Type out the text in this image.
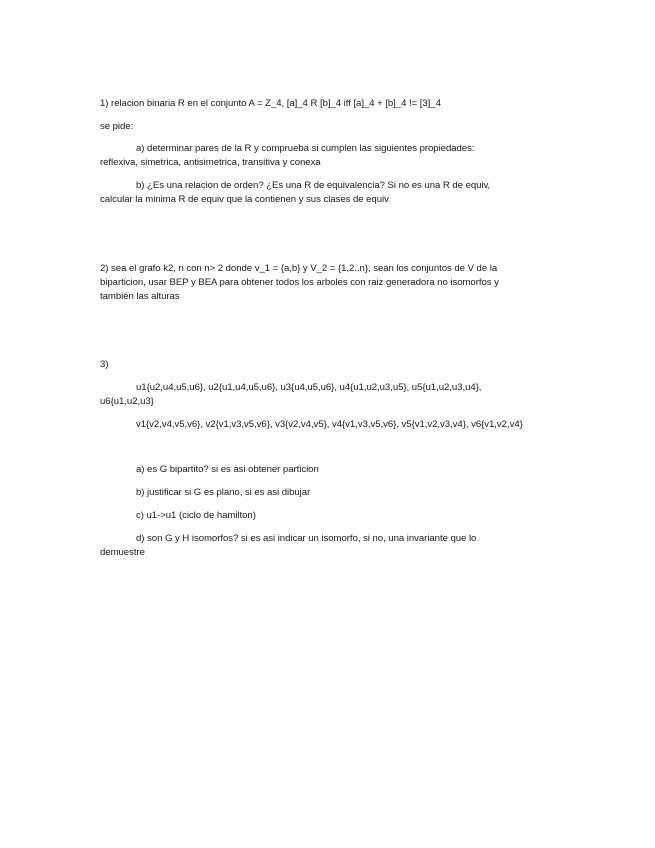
1) relacion binaria R en el conjunto A = Z_4, [a]_4 R [b]_4 iff [a]_4 + [b]_4 != [3]_4
se pide:
a) determinar pares de la R y comprueba si cumplen las siguientes propiedades:
reflexiva, simetrica, antisimetrica, transitiva y conexa
b) ¿Es una relacion de orden? ¿Es una R de equivalencia? Si no es una R de equiv,
calcular la minima R de equiv que la contienen y sus clases de equiv
2) sea el grafo k2, n con n> 2 donde v_1 = {a,b} y V_2 = {1,2..n}, sean los conjuntos de V de la
biparticion, usar BEP y BEA para obtener todos los arboles con raiz generadora no isomorfos y
también las alturas
3)
u1{u2,u4,u5,u6}, u2{u1,u4,u5,u6}, u3{u4,u5,u6}, u4{u1,u2,u3,u5}, u5{u1,u2,u3,u4},
u6{u1,u2,u3}
v1{v2,v4,v5,v6}, v2{v1,v3,v5,v6}, v3{v2,v4,v5}, v4{v1,v3,v5,v6}, v5{v1,v2,v3,v4}, v6{v1,v2,v4}
a) es G bipartito? si es asi obtener particion
b) justificar si G es plano, si es asi dibujar
c) u1->u1 (ciclo de hamilton)
d) son G y H isomorfos? si es asi indicar un isomorfo, si no, una invariante que lo
demuestre
